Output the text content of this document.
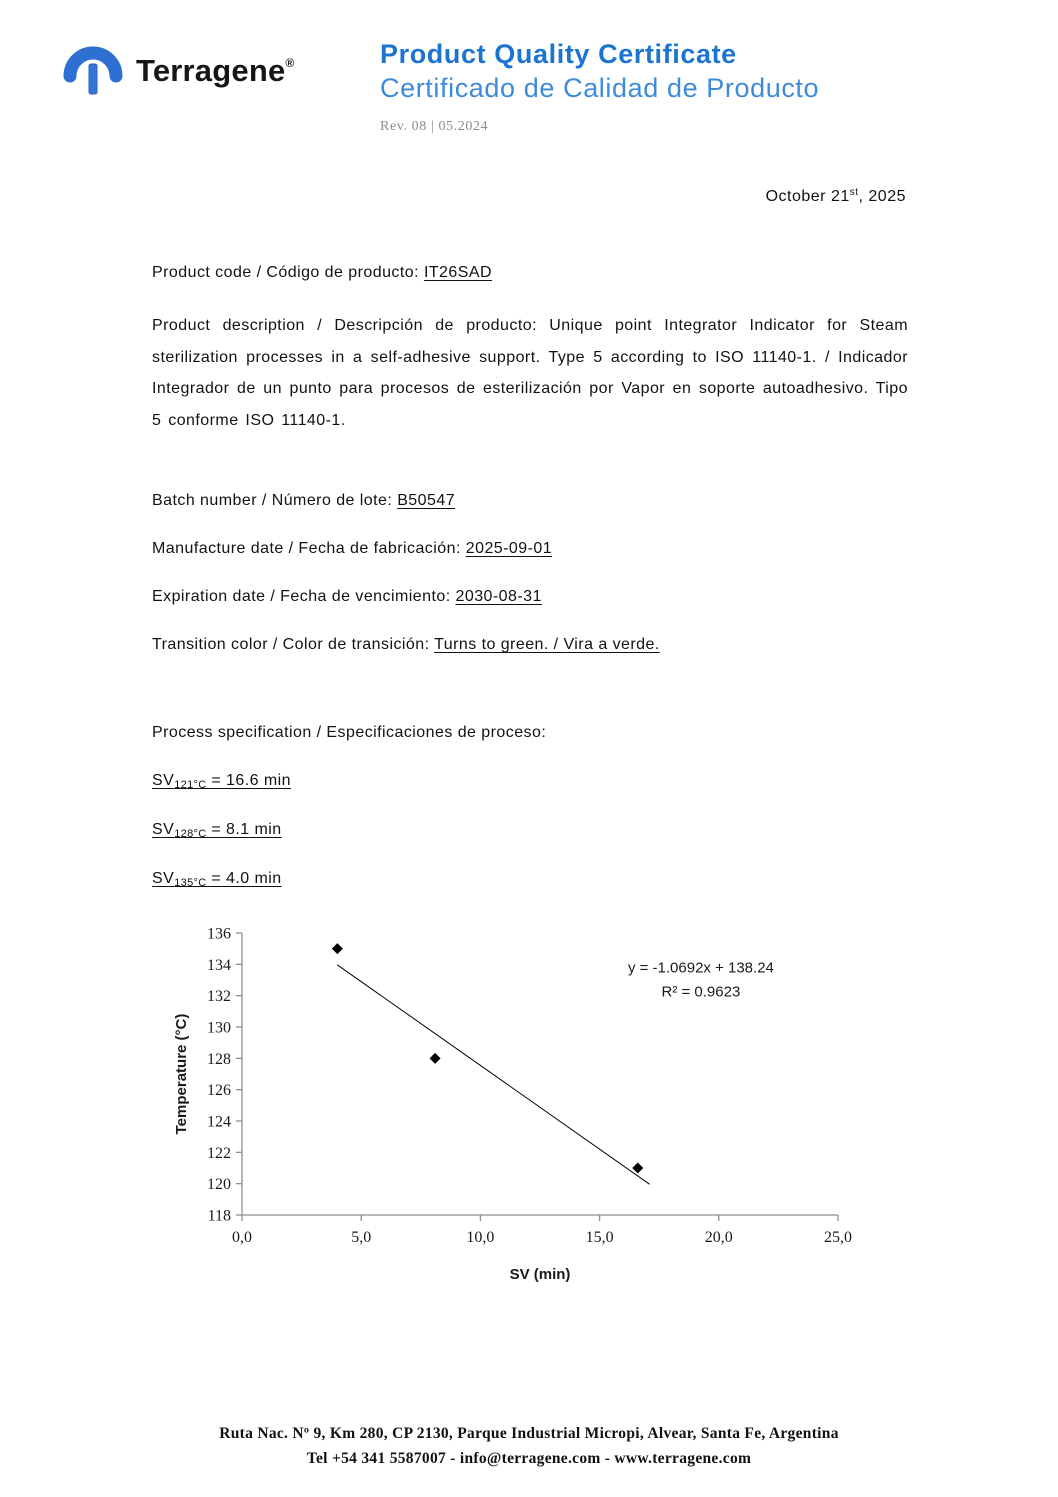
Terragene®	Product Quality Certificate
Certificado de Calidad de Producto
Rev. 08 | 05.2024
October 21st, 2025

Product code / Código de producto: IT26SAD

Product description / Descripción de producto: Unique point Integrator Indicator for Steam sterilization processes in a self-adhesive support. Type 5 according to ISO 11140-1. / Indicador Integrador de un punto para procesos de esterilización por Vapor en soporte autoadhesivo. Tipo 5 conforme ISO 11140-1.

Batch number / Número de lote: B50547

Manufacture date / Fecha de fabricación: 2025-09-01

Expiration date / Fecha de vencimiento: 2030-08-31

Transition color / Color de transición: Turns to green. / Vira a verde.

Process specification / Especificaciones de proceso:

$SV_{121^\circ C} = 16.6$ min

$SV_{128^\circ C} = 8.1$ min

$SV_{135^\circ C} = 4.0$ min

118
120
122
124
126
128
130
132
134
136
0,0	5,0	10,0	15,0	20,0	25,0
y = -1.0692x + 138.24
R² = 0.9623
Temperature (°C)
SV (min)
Ruta Nac. Nº 9, Km 280, CP 2130, Parque Industrial Micropi, Alvear, Santa Fe, Argentina
Tel +54 341 5587007 - info@terragene.com - www.terragene.com
